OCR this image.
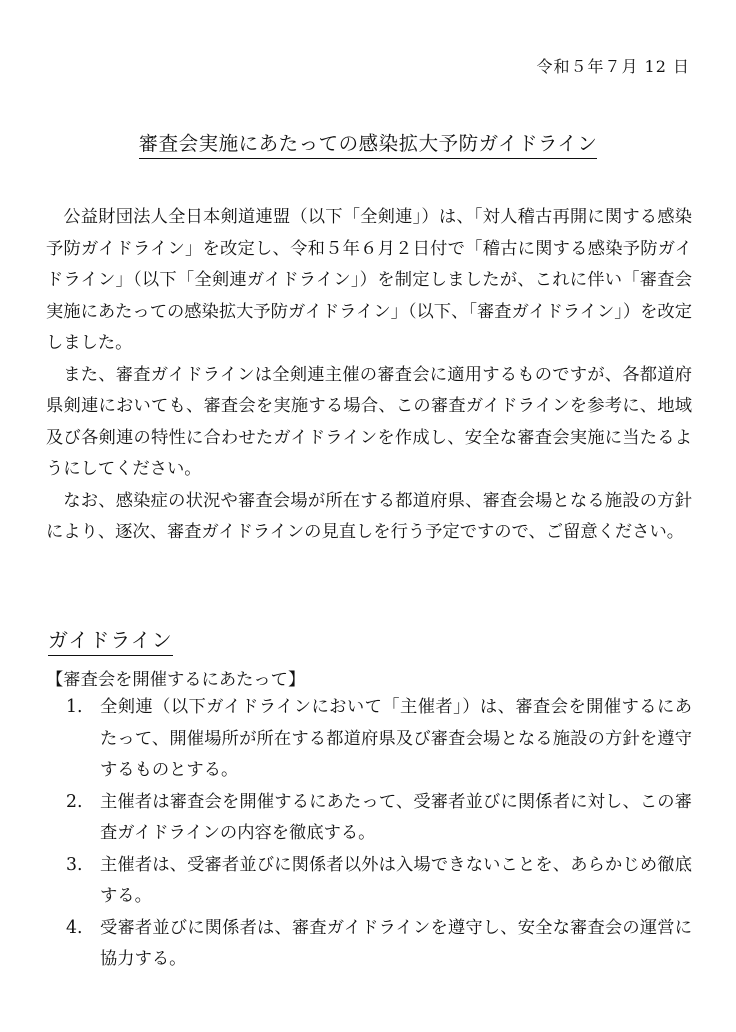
令和５年７月 12 日
審査会実施にあたっての感染拡大予防ガイドライン

公益財団法人全日本剣道連盟（以下「全剣連」）は、「対人稽古再開に関する感染予防ガイドライン」を改定し、令和５年６月２日付で「稽古に関する感染予防ガイドライン」（以下「全剣連ガイドライン」）を制定しましたが、これに伴い「審査会実施にあたっての感染拡大予防ガイドライン」（以下、「審査ガイドライン」）を改定しました。

また、審査ガイドラインは全剣連主催の審査会に適用するものですが、各都道府県剣連においても、審査会を実施する場合、この審査ガイドラインを参考に、地域及び各剣連の特性に合わせたガイドラインを作成し、安全な審査会実施に当たるようにしてください。

なお、感染症の状況や審査会場が所在する都道府県、審査会場となる施設の方針により、逐次、審査ガイドラインの見直しを行う予定ですので、ご留意ください。

ガイドライン
【審査会を開催するにあたって】
1. 全剣連（以下ガイドラインにおいて「主催者」）は、審査会を開催するにあたって、開催場所が所在する都道府県及び審査会場となる施設の方針を遵守するものとする。
2. 主催者は審査会を開催するにあたって、受審者並びに関係者に対し、この審査ガイドラインの内容を徹底する。
3. 主催者は、受審者並びに関係者以外は入場できないことを、あらかじめ徹底する。
4. 受審者並びに関係者は、審査ガイドラインを遵守し、安全な審査会の運営に協力する。
